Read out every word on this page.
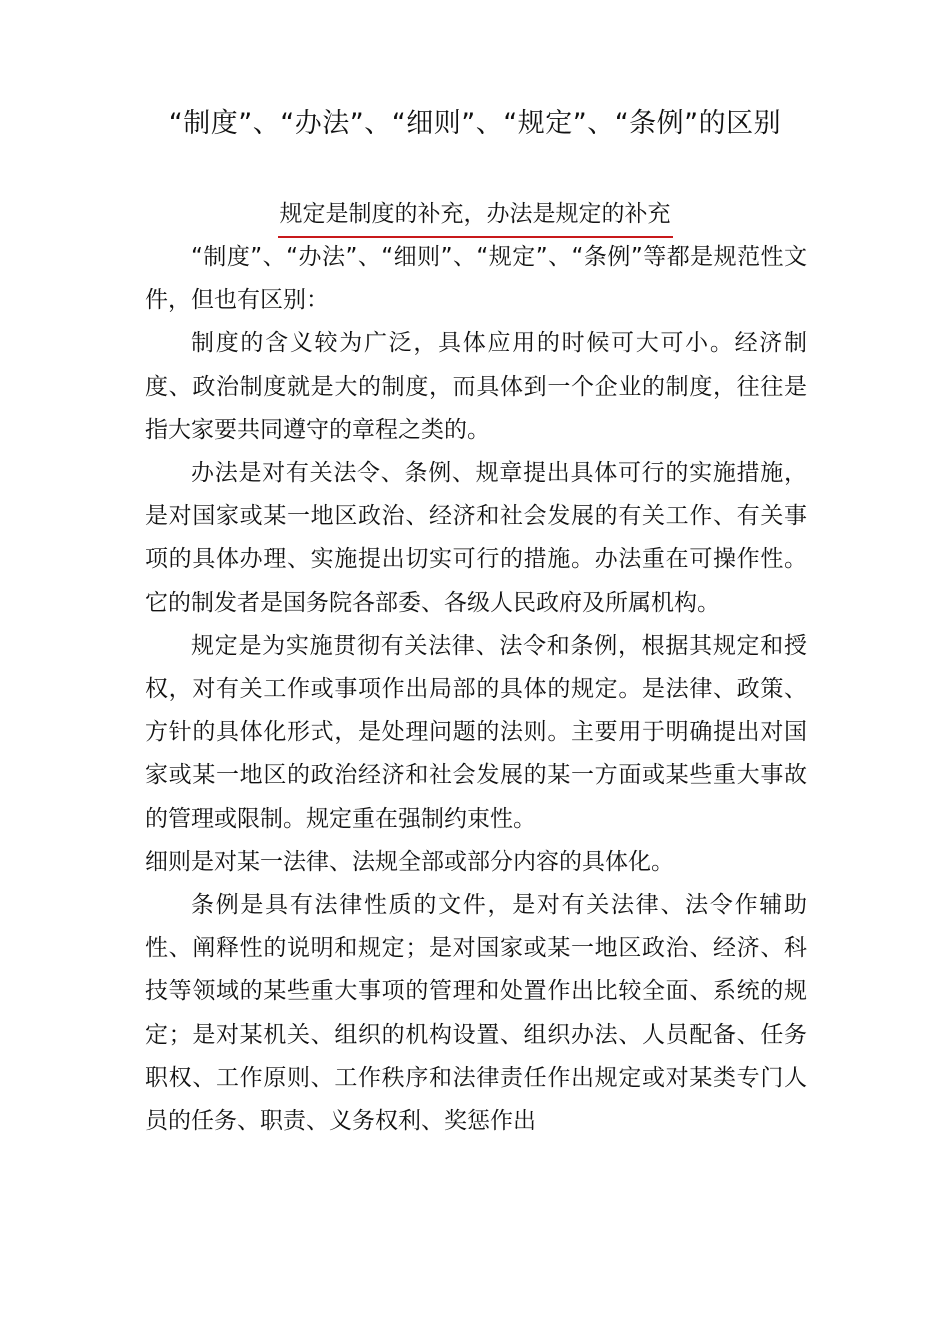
“制度”、“办法”、“细则”、“规定”、“条例”的区别
规定是制度的补充，办法是规定的补充

“制度”、“办法”、“细则”、“规定”、“条例”等都是规范性文件，但也有区别：

制度的含义较为广泛，具体应用的时候可大可小。经济制度、政治制度就是大的制度，而具体到一个企业的制度，往往是指大家要共同遵守的章程之类的。

办法是对有关法令、条例、规章提出具体可行的实施措施，是对国家或某一地区政治、经济和社会发展的有关工作、有关事项的具体办理、实施提出切实可行的措施。办法重在可操作性。它的制发者是国务院各部委、各级人民政府及所属机构。

规定是为实施贯彻有关法律、法令和条例，根据其规定和授权，对有关工作或事项作出局部的具体的规定。是法律、政策、方针的具体化形式，是处理问题的法则。主要用于明确提出对国家或某一地区的政治经济和社会发展的某一方面或某些重大事故的管理或限制。规定重在强制约束性。

细则是对某一法律、法规全部或部分内容的具体化。

条例是具有法律性质的文件，是对有关法律、法令作辅助性、阐释性的说明和规定；是对国家或某一地区政治、经济、科技等领域的某些重大事项的管理和处置作出比较全面、系统的规定；是对某机关、组织的机构设置、组织办法、人员配备、任务职权、工作原则、工作秩序和法律责任作出规定或对某类专门人员的任务、职责、义务权利、奖惩作出
